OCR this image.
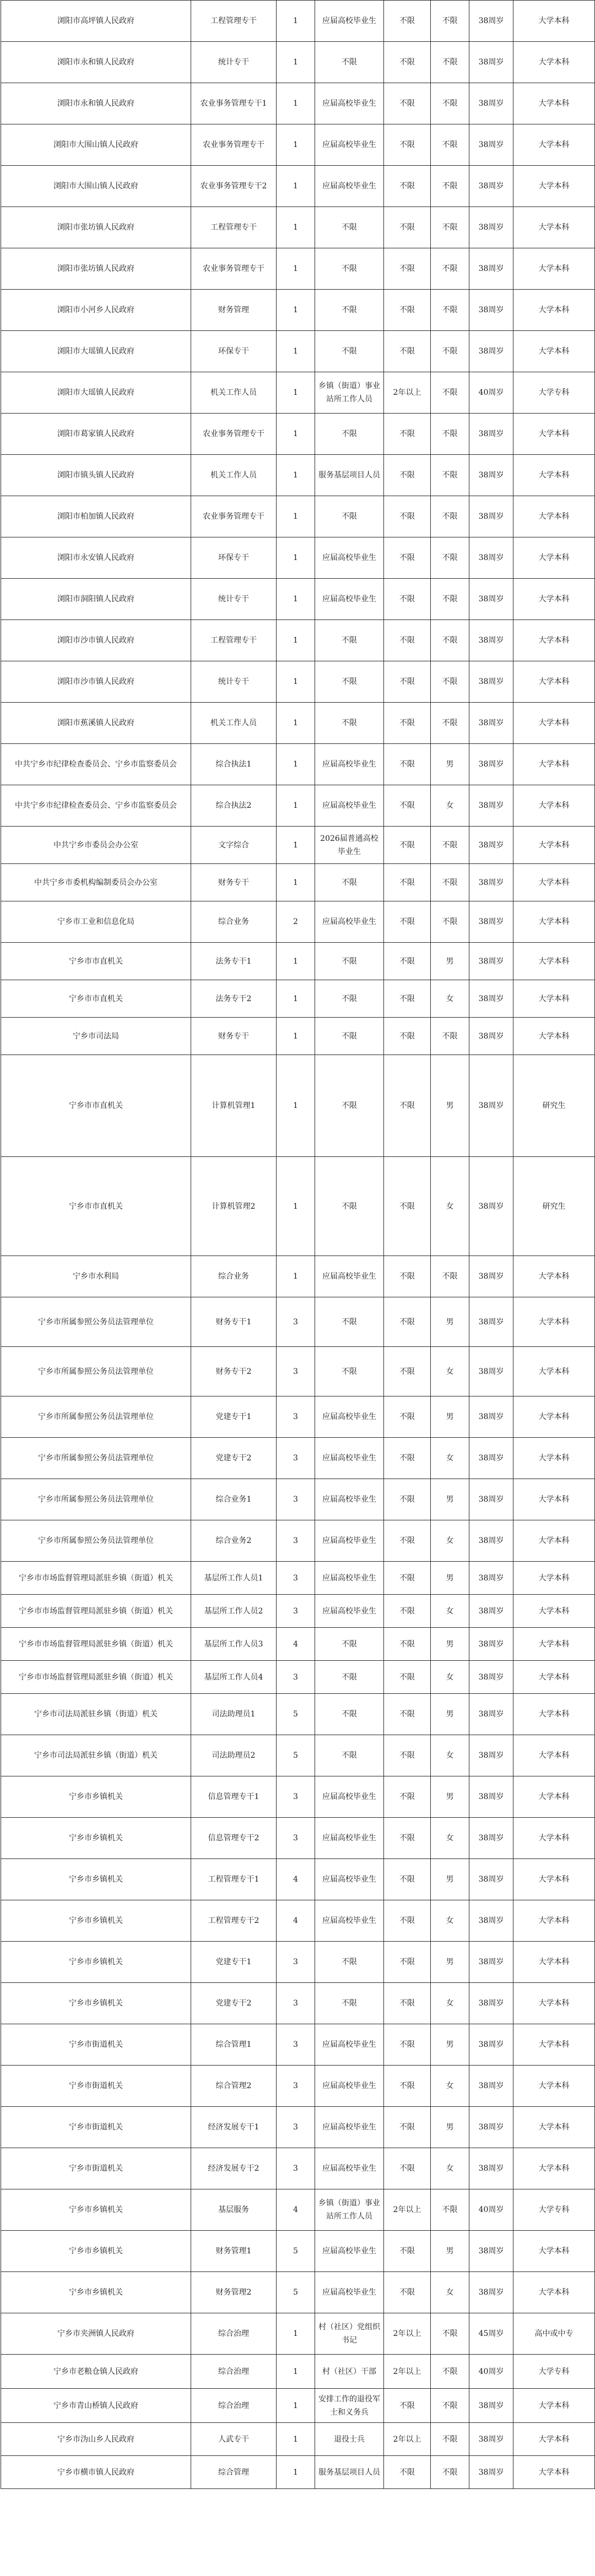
浏阳市高坪镇人民政府	工程管理专干	1	应届高校毕业生	不限	不限	38周岁	大学本科
浏阳市永和镇人民政府	统计专干	1	不限	不限	不限	38周岁	大学本科
浏阳市永和镇人民政府	农业事务管理专干1	1	应届高校毕业生	不限	不限	38周岁	大学本科
浏阳市大围山镇人民政府	农业事务管理专干	1	应届高校毕业生	不限	不限	38周岁	大学本科
浏阳市大围山镇人民政府	农业事务管理专干2	1	应届高校毕业生	不限	不限	38周岁	大学本科
浏阳市张坊镇人民政府	工程管理专干	1	不限	不限	不限	38周岁	大学本科
浏阳市张坊镇人民政府	农业事务管理专干	1	不限	不限	不限	38周岁	大学本科
浏阳市小河乡人民政府	财务管理	1	不限	不限	不限	38周岁	大学本科
浏阳市大瑶镇人民政府	环保专干	1	不限	不限	不限	38周岁	大学本科
浏阳市大瑶镇人民政府	机关工作人员	1	乡镇（街道）事业站所工作人员	2年以上	不限	40周岁	大学专科
浏阳市葛家镇人民政府	农业事务管理专干	1	不限	不限	不限	38周岁	大学本科
浏阳市镇头镇人民政府	机关工作人员	1	服务基层项目人员	不限	不限	38周岁	大学本科
浏阳市柏加镇人民政府	农业事务管理专干	1	不限	不限	不限	38周岁	大学本科
浏阳市永安镇人民政府	环保专干	1	应届高校毕业生	不限	不限	38周岁	大学本科
浏阳市洞阳镇人民政府	统计专干	1	应届高校毕业生	不限	不限	38周岁	大学本科
浏阳市沙市镇人民政府	工程管理专干	1	不限	不限	不限	38周岁	大学本科
浏阳市沙市镇人民政府	统计专干	1	不限	不限	不限	38周岁	大学本科
浏阳市蕉溪镇人民政府	机关工作人员	1	不限	不限	不限	38周岁	大学本科
中共宁乡市纪律检查委员会、宁乡市监察委员会	综合执法1	1	应届高校毕业生	不限	男	38周岁	大学本科
中共宁乡市纪律检查委员会、宁乡市监察委员会	综合执法2	1	应届高校毕业生	不限	女	38周岁	大学本科
中共宁乡市委员会办公室	文字综合	1	2026届普通高校毕业生	不限	不限	38周岁	大学本科
中共宁乡市委机构编制委员会办公室	财务专干	1	不限	不限	不限	38周岁	大学本科
宁乡市工业和信息化局	综合业务	2	应届高校毕业生	不限	不限	38周岁	大学本科
宁乡市市直机关	法务专干1	1	不限	不限	男	38周岁	大学本科
宁乡市市直机关	法务专干2	1	不限	不限	女	38周岁	大学本科
宁乡市司法局	财务专干	1	不限	不限	不限	38周岁	大学本科
宁乡市市直机关	计算机管理1	1	不限	不限	男	38周岁	研究生
宁乡市市直机关	计算机管理2	1	不限	不限	女	38周岁	研究生
宁乡市水利局	综合业务	1	应届高校毕业生	不限	不限	38周岁	大学本科
宁乡市所属参照公务员法管理单位	财务专干1	3	不限	不限	男	38周岁	大学本科
宁乡市所属参照公务员法管理单位	财务专干2	3	不限	不限	女	38周岁	大学本科
宁乡市所属参照公务员法管理单位	党建专干1	3	应届高校毕业生	不限	男	38周岁	大学本科
宁乡市所属参照公务员法管理单位	党建专干2	3	应届高校毕业生	不限	女	38周岁	大学本科
宁乡市所属参照公务员法管理单位	综合业务1	3	应届高校毕业生	不限	男	38周岁	大学本科
宁乡市所属参照公务员法管理单位	综合业务2	3	应届高校毕业生	不限	女	38周岁	大学本科
宁乡市市场监督管理局派驻乡镇（街道）机关	基层所工作人员1	3	应届高校毕业生	不限	男	38周岁	大学本科
宁乡市市场监督管理局派驻乡镇（街道）机关	基层所工作人员2	3	应届高校毕业生	不限	女	38周岁	大学本科
宁乡市市场监督管理局派驻乡镇（街道）机关	基层所工作人员3	4	不限	不限	男	38周岁	大学本科
宁乡市市场监督管理局派驻乡镇（街道）机关	基层所工作人员4	3	不限	不限	女	38周岁	大学本科
宁乡市司法局派驻乡镇（街道）机关	司法助理员1	5	不限	不限	男	38周岁	大学本科
宁乡市司法局派驻乡镇（街道）机关	司法助理员2	5	不限	不限	女	38周岁	大学本科
宁乡市乡镇机关	信息管理专干1	3	应届高校毕业生	不限	男	38周岁	大学本科
宁乡市乡镇机关	信息管理专干2	3	应届高校毕业生	不限	女	38周岁	大学本科
宁乡市乡镇机关	工程管理专干1	4	应届高校毕业生	不限	男	38周岁	大学本科
宁乡市乡镇机关	工程管理专干2	4	应届高校毕业生	不限	女	38周岁	大学本科
宁乡市乡镇机关	党建专干1	3	不限	不限	男	38周岁	大学本科
宁乡市乡镇机关	党建专干2	3	不限	不限	女	38周岁	大学本科
宁乡市街道机关	综合管理1	3	应届高校毕业生	不限	男	38周岁	大学本科
宁乡市街道机关	综合管理2	3	应届高校毕业生	不限	女	38周岁	大学本科
宁乡市街道机关	经济发展专干1	3	应届高校毕业生	不限	男	38周岁	大学本科
宁乡市街道机关	经济发展专干2	3	应届高校毕业生	不限	女	38周岁	大学本科
宁乡市乡镇机关	基层服务	4	乡镇（街道）事业站所工作人员	2年以上	不限	40周岁	大学专科
宁乡市乡镇机关	财务管理1	5	应届高校毕业生	不限	男	38周岁	大学本科
宁乡市乡镇机关	财务管理2	5	应届高校毕业生	不限	女	38周岁	大学本科
宁乡市夹洲镇人民政府	综合治理	1	村（社区）党组织书记	2年以上	不限	45周岁	高中或中专
宁乡市老粮仓镇人民政府	综合治理	1	村（社区）干部	2年以上	不限	40周岁	大学专科
宁乡市青山桥镇人民政府	综合治理	1	安排工作的退役军士和义务兵	不限	不限	38周岁	大学本科
宁乡市沩山乡人民政府	人武专干	1	退役士兵	2年以上	不限	38周岁	大学本科
宁乡市横市镇人民政府	综合管理	1	服务基层项目人员	不限	不限	38周岁	大学本科
